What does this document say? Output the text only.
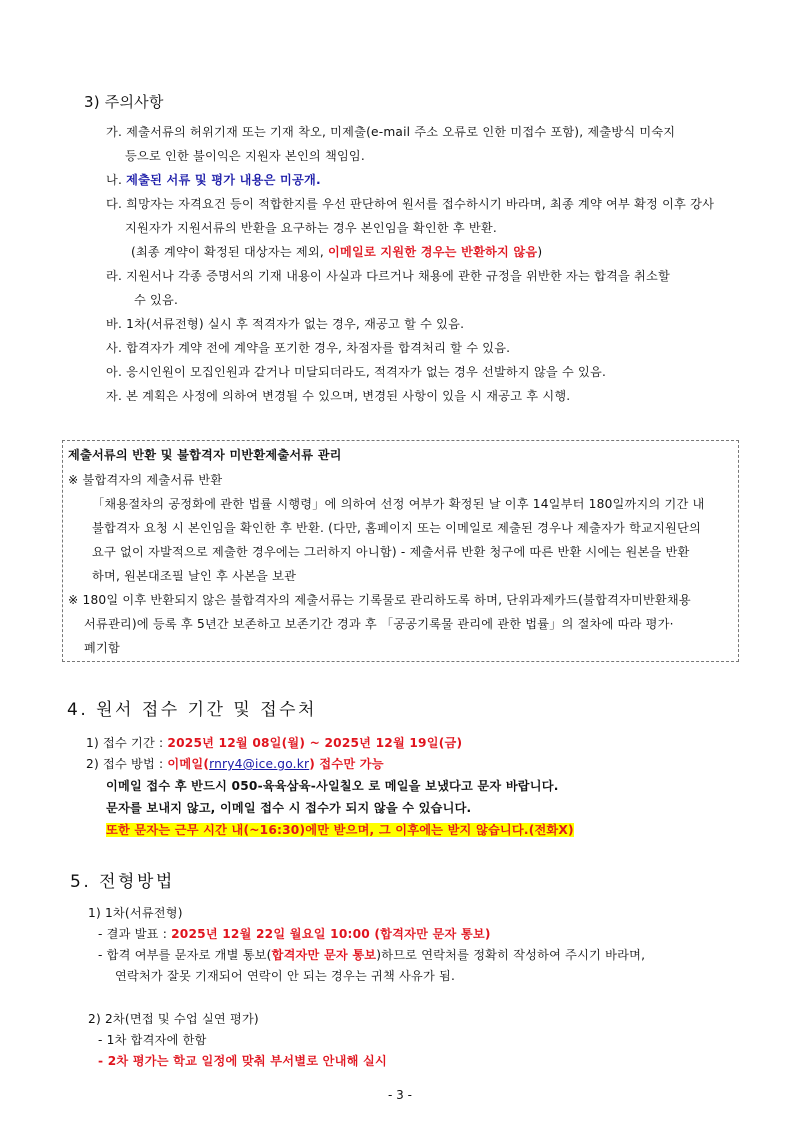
3) 주의사항
가. 제출서류의 허위기재 또는 기재 착오, 미제출(e-mail 주소 오류로 인한 미접수 포함), 제출방식 미숙지
등으로 인한 불이익은 지원자 본인의 책임임.
나. 제출된 서류 및 평가 내용은 미공개.
다. 희망자는 자격요건 등이 적합한지를 우선 판단하여 원서를 접수하시기 바라며, 최종 계약 여부 확정 이후 강사
지원자가 지원서류의 반환을 요구하는 경우 본인임을 확인한 후 반환.
(최종 계약이 확정된 대상자는 제외, 이메일로 지원한 경우는 반환하지 않음)
라. 지원서나 각종 증명서의 기재 내용이 사실과 다르거나 채용에 관한 규정을 위반한 자는 합격을 취소할
수 있음.
바. 1차(서류전형) 실시 후 적격자가 없는 경우, 재공고 할 수 있음.
사. 합격자가 계약 전에 계약을 포기한 경우, 차점자를 합격처리 할 수 있음.
아. 응시인원이 모집인원과 같거나 미달되더라도, 적격자가 없는 경우 선발하지 않을 수 있음.
자. 본 계획은 사정에 의하여 변경될 수 있으며, 변경된 사항이 있을 시 재공고 후 시행.
제출서류의 반환 및 불합격자 미반환제출서류 관리
※ 불합격자의 제출서류 반환
「채용절차의 공정화에 관한 법률 시행령」에 의하여 선정 여부가 확정된 날 이후 14일부터 180일까지의 기간 내
불합격자 요청 시 본인임을 확인한 후 반환. (다만, 홈페이지 또는 이메일로 제출된 경우나 제출자가 학교지원단의
요구 없이 자발적으로 제출한 경우에는 그러하지 아니함) - 제출서류 반환 청구에 따른 반환 시에는 원본을 반환
하며, 원본대조필 날인 후 사본을 보관
※ 180일 이후 반환되지 않은 불합격자의 제출서류는 기록물로 관리하도록 하며, 단위과제카드(불합격자미반환채용
서류관리)에 등록 후 5년간 보존하고 보존기간 경과 후 「공공기록물 관리에 관한 법률」의 절차에 따라 평가·
폐기함
4. 원서 접수 기간 및 접수처
1) 접수 기간 : 2025년 12월 08일(월) ~ 2025년 12월 19일(금)
2) 접수 방법 : 이메일(rnry4@ice.go.kr) 접수만 가능
이메일 접수 후 반드시 050-육육삼육-사일칠오 로 메일을 보냈다고 문자 바랍니다.
문자를 보내지 않고, 이메일 접수 시 접수가 되지 않을 수 있습니다.
또한 문자는 근무 시간 내(~16:30)에만 받으며, 그 이후에는 받지 않습니다.(전화X)
5. 전형방법
1) 1차(서류전형)
- 결과 발표 : 2025년 12월 22일 월요일 10:00 (합격자만 문자 통보)
- 합격 여부를 문자로 개별 통보(합격자만 문자 통보)하므로 연락처를 정확히 작성하여 주시기 바라며,
연락처가 잘못 기재되어 연락이 안 되는 경우는 귀책 사유가 됨.
2) 2차(면접 및 수업 실연 평가)
- 1차 합격자에 한함
- 2차 평가는 학교 일정에 맞춰 부서별로 안내해 실시
- 3 -
